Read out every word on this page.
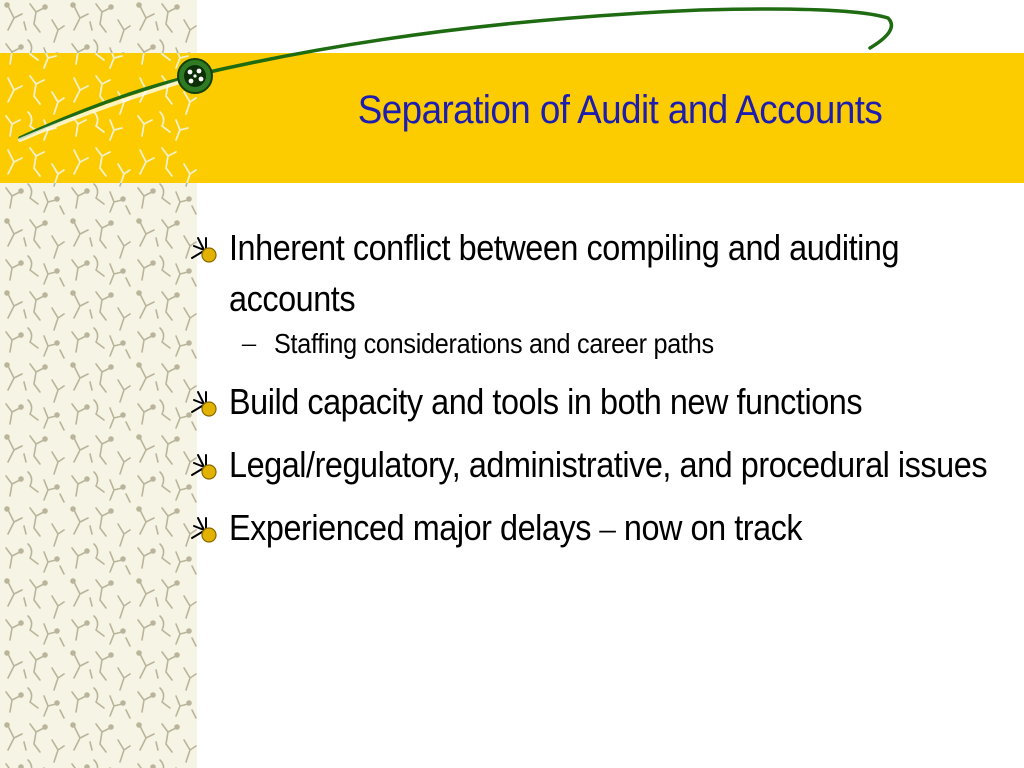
Separation of Audit and Accounts
Inherent conflict between compiling and auditing accounts
– Staffing considerations and career paths
Build capacity and tools in both new functions
Legal/regulatory, administrative, and procedural issues
Experienced major delays – now on track
